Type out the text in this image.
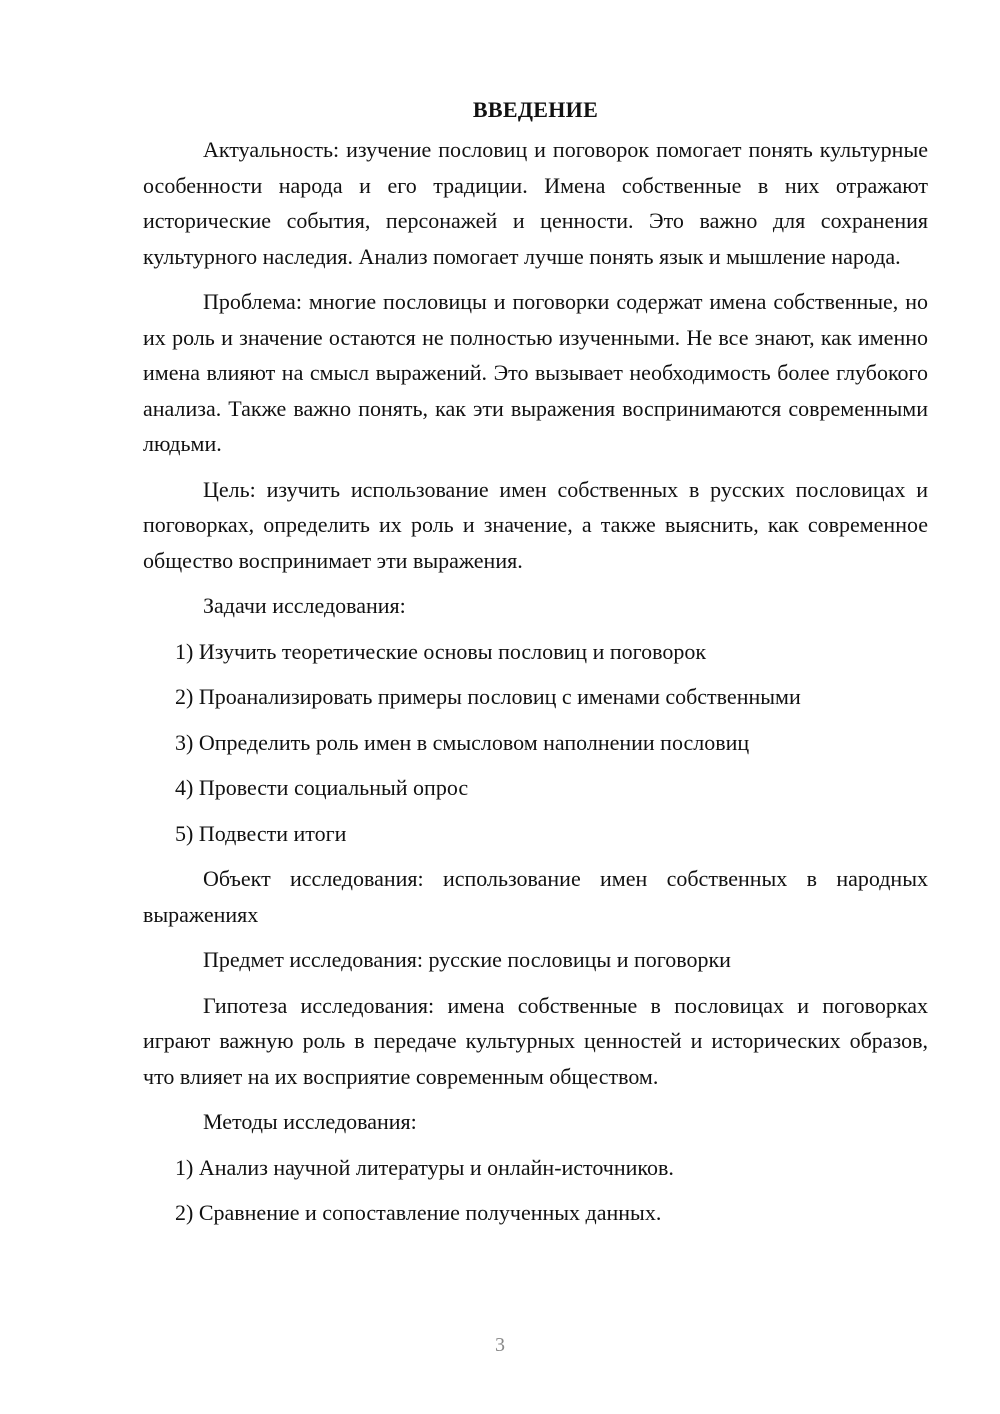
ВВЕДЕНИЕ

Актуальность: изучение пословиц и поговорок помогает понять культурные особенности народа и его традиции. Имена собственные в них отражают исторические события, персонажей и ценности. Это важно для сохранения культурного наследия. Анализ помогает лучше понять язык и мышление народа.

Проблема: многие пословицы и поговорки содержат имена собственные, но их роль и значение остаются не полностью изученными. Не все знают, как именно имена влияют на смысл выражений. Это вызывает необходимость более глубокого анализа. Также важно понять, как эти выражения воспринимаются современными людьми.

Цель: изучить использование имен собственных в русских пословицах и поговорках, определить их роль и значение, а также выяснить, как современное общество воспринимает эти выражения.

Задачи исследования:

1) Изучить теоретические основы пословиц и поговорок
2) Проанализировать примеры пословиц с именами собственными
3) Определить роль имен в смысловом наполнении пословиц
4) Провести социальный опрос
5) Подвести итоги

Объект исследования: использование имен собственных в народных выражениях

Предмет исследования: русские пословицы и поговорки

Гипотеза исследования: имена собственные в пословицах и поговорках играют важную роль в передаче культурных ценностей и исторических образов, что влияет на их восприятие современным обществом.

Методы исследования:

1) Анализ научной литературы и онлайн-источников.
2) Сравнение и сопоставление полученных данных.
3
